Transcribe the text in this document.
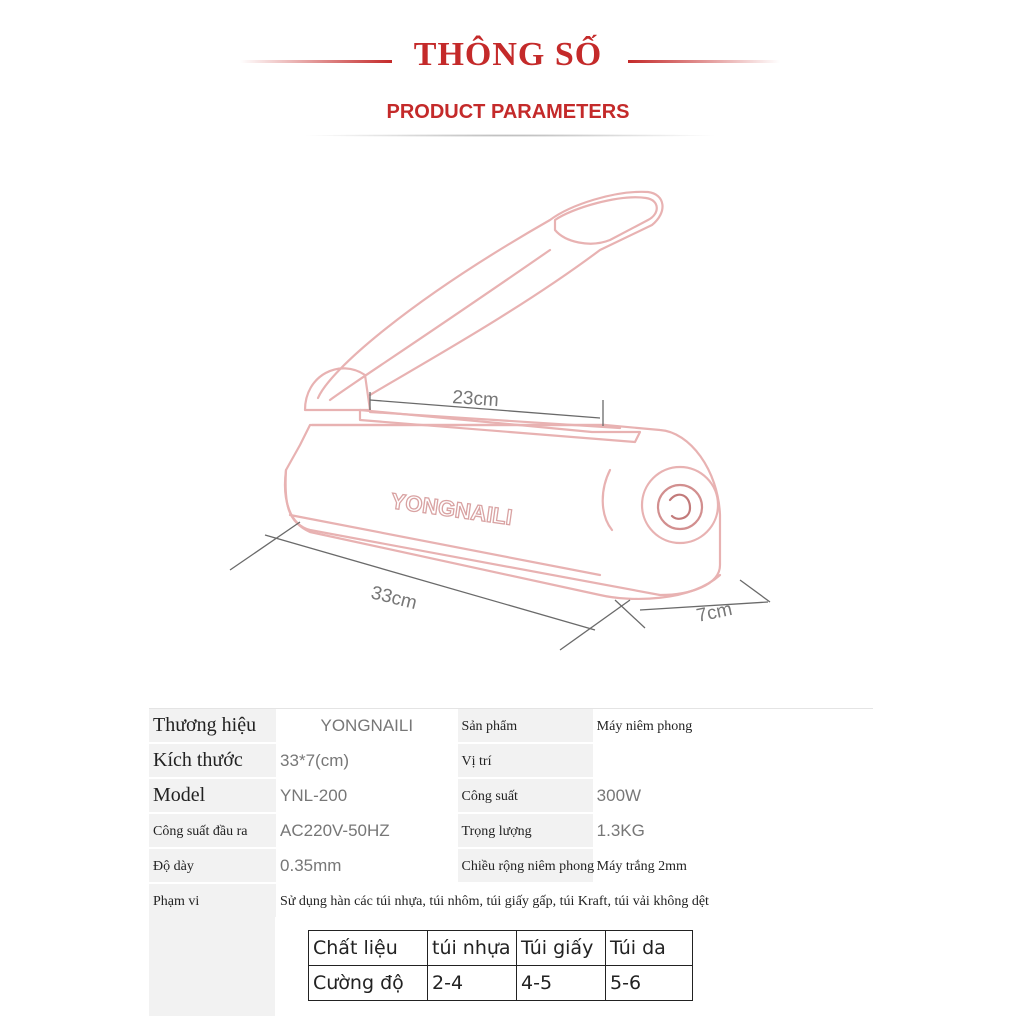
THÔNG SỐ
PRODUCT PARAMETERS
YONGNAILI
23cm
33cm	7cm
Thương hiệu	YONGNAILI	Sản phẩm	Máy niêm phong
Kích thước	33*7(cm)	Vị trí	
Model	YNL-200	Công suất	300W
Công suất đầu ra	AC220V-50HZ	Trọng lượng	1.3KG
Độ dày	0.35mm	Chiều rộng niêm phong	Máy trắng 2mm
Phạm vi	Sử dụng hàn các túi nhựa, túi nhôm, túi giấy gấp, túi Kraft, túi vải không dệt		
Chất liệu	túi nhựa	Túi giấy	Túi da
Cường độ	2-4	4-5	5-6
